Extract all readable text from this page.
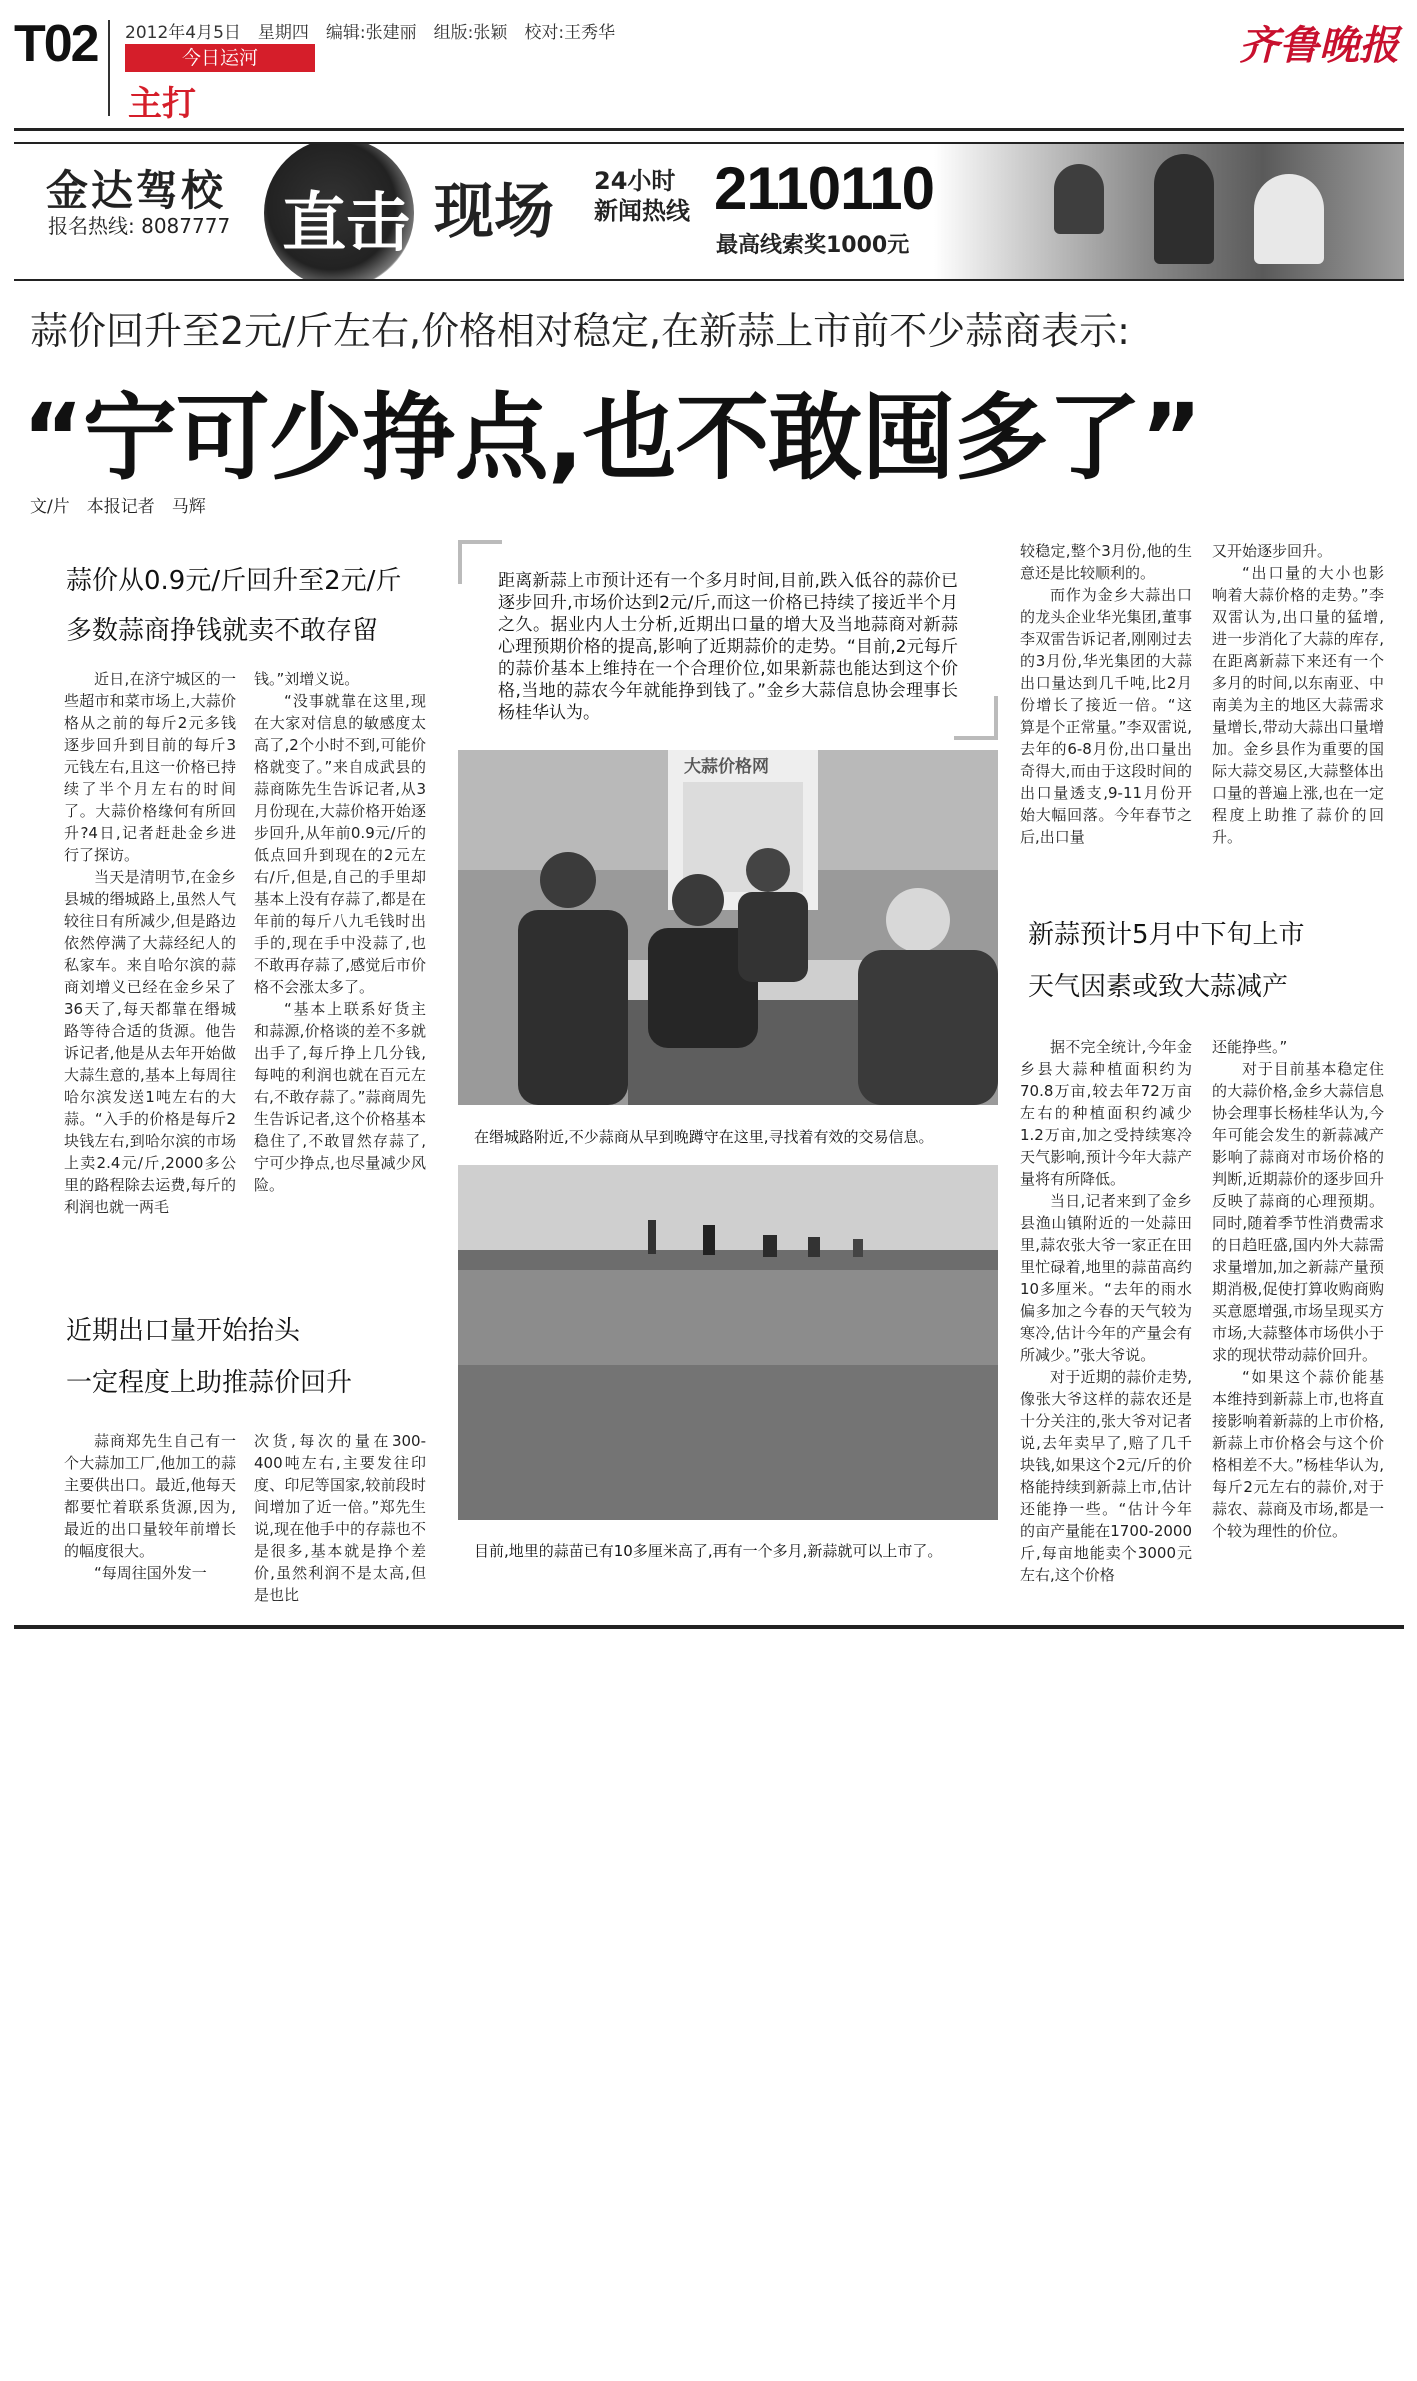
T02 2012年4月5日　星期四　编辑:张建丽　组版:张颖　校对:王秀华
今日运河
主打
齐鲁晚报
金达驾校
报名热线: 8087777 直击 现场 24小时
新闻热线 2110110
最高线索奖1000元
蒜价回升至2元/斤左右,价格相对稳定,在新蒜上市前不少蒜商表示:
“宁可少挣点,也不敢囤多了”
文/片　本报记者　马辉
蒜价从0.9元/斤回升至2元/斤
多数蒜商挣钱就卖不敢存留

近日,在济宁城区的一些超市和菜市场上,大蒜价格从之前的每斤2元多钱逐步回升到目前的每斤3元钱左右,且这一价格已持续了半个月左右的时间了。大蒜价格缘何有所回升?4日,记者赶赴金乡进行了探访。

当天是清明节,在金乡县城的缗城路上,虽然人气较往日有所减少,但是路边依然停满了大蒜经纪人的私家车。来自哈尔滨的蒜商刘增义已经在金乡呆了36天了,每天都靠在缗城路等待合适的货源。他告诉记者,他是从去年开始做大蒜生意的,基本上每周往哈尔滨发送1吨左右的大蒜。“入手的价格是每斤2块钱左右,到哈尔滨的市场上卖2.4元/斤,2000多公里的路程除去运费,每斤的利润也就一两毛

钱。”刘增义说。

“没事就靠在这里,现在大家对信息的敏感度太高了,2个小时不到,可能价格就变了。”来自成武县的蒜商陈先生告诉记者,从3月份现在,大蒜价格开始逐步回升,从年前0.9元/斤的低点回升到现在的2元左右/斤,但是,自己的手里却基本上没有存蒜了,都是在年前的每斤八九毛钱时出手的,现在手中没蒜了,也不敢再存蒜了,感觉后市价格不会涨太多了。

“基本上联系好货主和蒜源,价格谈的差不多就出手了,每斤挣上几分钱,每吨的利润也就在百元左右,不敢存蒜了。”蒜商周先生告诉记者,这个价格基本稳住了,不敢冒然存蒜了,宁可少挣点,也尽量减少风险。

近期出口量开始抬头
一定程度上助推蒜价回升

蒜商郑先生自己有一个大蒜加工厂,他加工的蒜主要供出口。最近,他每天都要忙着联系货源,因为,最近的出口量较年前增长的幅度很大。

“每周往国外发一

次货,每次的量在300-400吨左右,主要发往印度、印尼等国家,较前段时间增加了近一倍。”郑先生说,现在他手中的存蒜也不是很多,基本就是挣个差价,虽然利润不是太高,但是也比

距离新蒜上市预计还有一个多月时间,目前,跌入低谷的蒜价已逐步回升,市场价达到2元/斤,而这一价格已持续了接近半个月之久。据业内人士分析,近期出口量的增大及当地蒜商对新蒜心理预期价格的提高,影响了近期蒜价的走势。“目前,2元每斤的蒜价基本上维持在一个合理价位,如果新蒜也能达到这个价格,当地的蒜农今年就能挣到钱了。”金乡大蒜信息协会理事长杨桂华认为。
大蒜价格网
在缗城路附近,不少蒜商从早到晚蹲守在这里,寻找着有效的交易信息。
目前,地里的蒜苗已有10多厘米高了,再有一个多月,新蒜就可以上市了。

较稳定,整个3月份,他的生意还是比较顺利的。

而作为金乡大蒜出口的龙头企业华光集团,董事李双雷告诉记者,刚刚过去的3月份,华光集团的大蒜出口量达到几千吨,比2月份增长了接近一倍。“这算是个正常量。”李双雷说,去年的6-8月份,出口量出奇得大,而由于这段时间的出口量透支,9-11月份开始大幅回落。今年春节之后,出口量

又开始逐步回升。

“出口量的大小也影响着大蒜价格的走势。”李双雷认为,出口量的猛增,进一步消化了大蒜的库存,在距离新蒜下来还有一个多月的时间,以东南亚、中南美为主的地区大蒜需求量增长,带动大蒜出口量增加。金乡县作为重要的国际大蒜交易区,大蒜整体出口量的普遍上涨,也在一定程度上助推了蒜价的回升。

新蒜预计5月中下旬上市
天气因素或致大蒜减产

据不完全统计,今年金乡县大蒜种植面积约为70.8万亩,较去年72万亩左右的种植面积约减少1.2万亩,加之受持续寒冷天气影响,预计今年大蒜产量将有所降低。

当日,记者来到了金乡县渔山镇附近的一处蒜田里,蒜农张大爷一家正在田里忙碌着,地里的蒜苗高约10多厘米。“去年的雨水偏多加之今春的天气较为寒冷,估计今年的产量会有所减少。”张大爷说。

对于近期的蒜价走势,像张大爷这样的蒜农还是十分关注的,张大爷对记者说,去年卖早了,赔了几千块钱,如果这个2元/斤的价格能持续到新蒜上市,估计还能挣一些。“估计今年的亩产量能在1700-2000斤,每亩地能卖个3000元左右,这个价格

还能挣些。”

对于目前基本稳定住的大蒜价格,金乡大蒜信息协会理事长杨桂华认为,今年可能会发生的新蒜减产影响了蒜商对市场价格的判断,近期蒜价的逐步回升反映了蒜商的心理预期。同时,随着季节性消费需求的日趋旺盛,国内外大蒜需求量增加,加之新蒜产量预期消极,促使打算收购商购买意愿增强,市场呈现买方市场,大蒜整体市场供小于求的现状带动蒜价回升。

“如果这个蒜价能基本维持到新蒜上市,也将直接影响着新蒜的上市价格,新蒜上市价格会与这个价格相差不大。”杨桂华认为,每斤2元左右的蒜价,对于蒜农、蒜商及市场,都是一个较为理性的价位。
